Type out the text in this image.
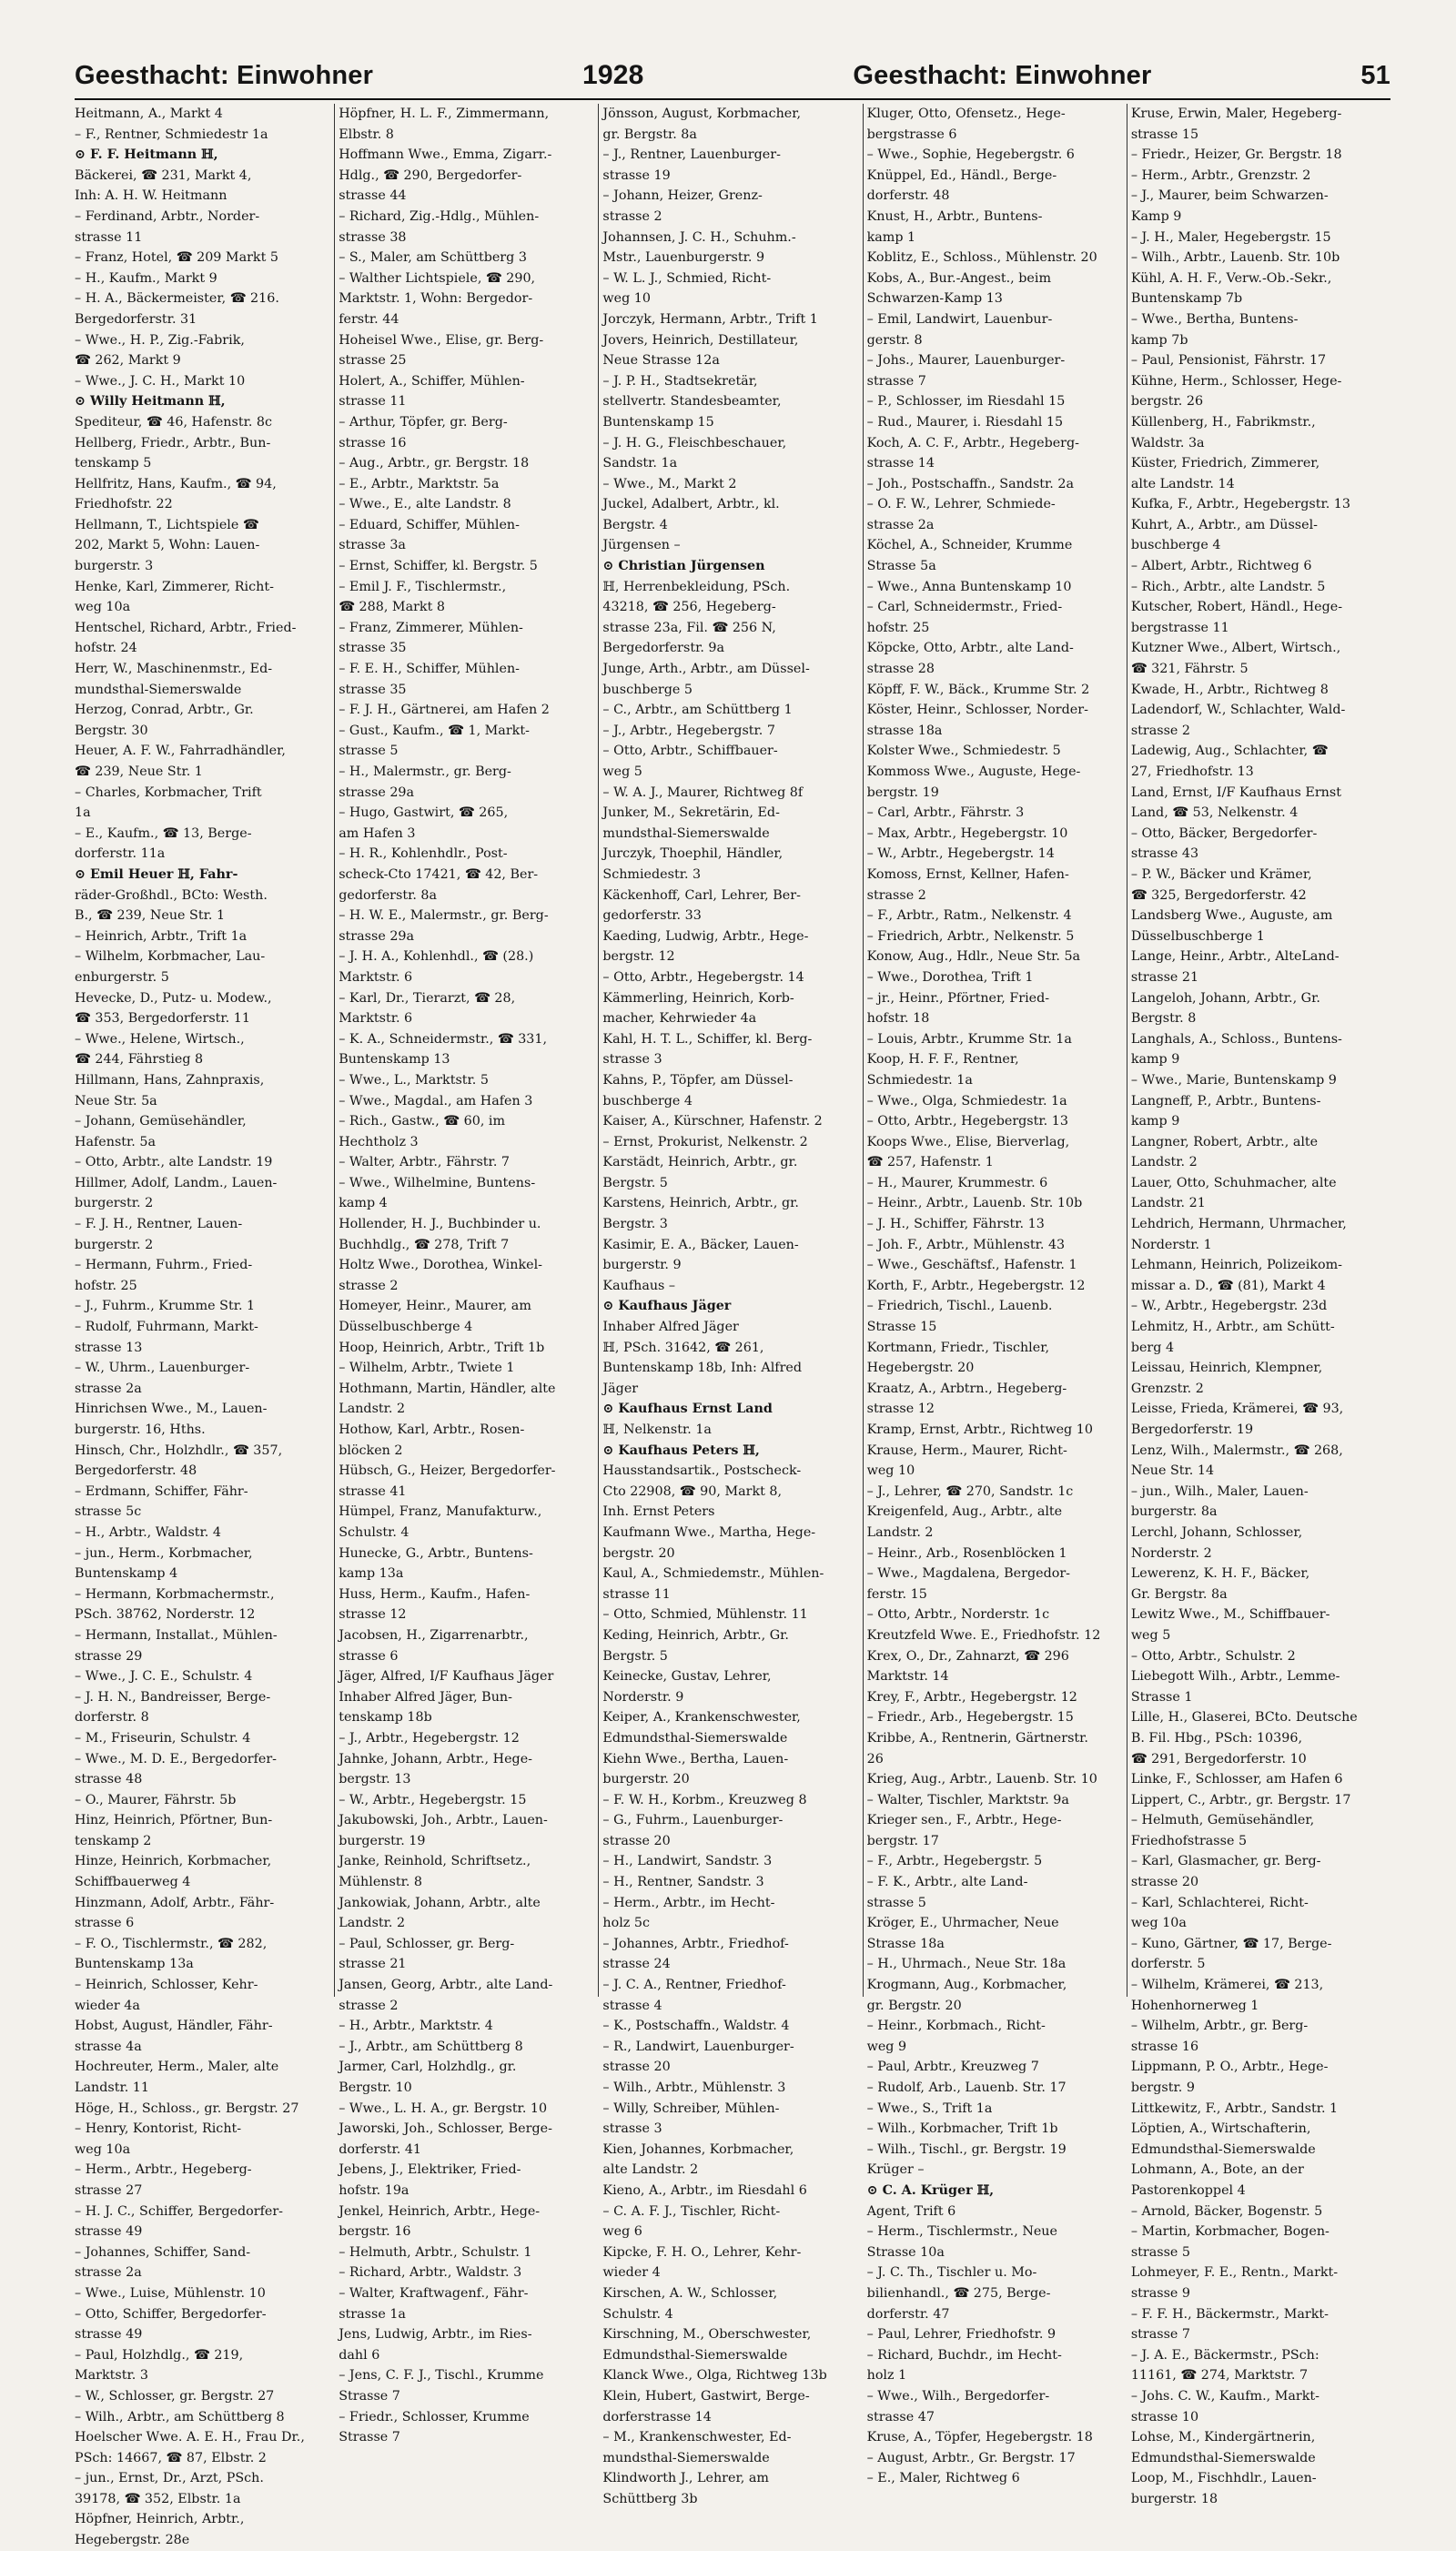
Geesthacht: Einwohner	1928	Geesthacht: Einwohner	51
Heitmann, A., Markt 4
– F., Rentner, Schmiedestr 1a
⊙ F. F. Heitmann ℍ,
Bäckerei, ☎ 231, Markt 4,
Inh: A. H. W. Heitmann
– Ferdinand, Arbtr., Norder-
strasse 11
– Franz, Hotel, ☎ 209 Markt 5
– H., Kaufm., Markt 9
– H. A., Bäckermeister, ☎ 216.
Bergedorferstr. 31
– Wwe., H. P., Zig.-Fabrik,
☎ 262, Markt 9
– Wwe., J. C. H., Markt 10
⊙ Willy Heitmann ℍ,
Spediteur, ☎ 46, Hafenstr. 8c
Hellberg, Friedr., Arbtr., Bun-
tenskamp 5
Hellfritz, Hans, Kaufm., ☎ 94,
Friedhofstr. 22
Hellmann, T., Lichtspiele ☎
202, Markt 5, Wohn: Lauen-
burgerstr. 3
Henke, Karl, Zimmerer, Richt-
weg 10a
Hentschel, Richard, Arbtr., Fried-
hofstr. 24
Herr, W., Maschinenmstr., Ed-
mundsthal-Siemerswalde
Herzog, Conrad, Arbtr., Gr.
Bergstr. 30
Heuer, A. F. W., Fahrradhändler,
☎ 239, Neue Str. 1
– Charles, Korbmacher, Trift
1a
– E., Kaufm., ☎ 13, Berge-
dorferstr. 11a
⊙ Emil Heuer ℍ, Fahr-
räder-Großhdl., BCto: Westh.
B., ☎ 239, Neue Str. 1
– Heinrich, Arbtr., Trift 1a
– Wilhelm, Korbmacher, Lau-
enburgerstr. 5
Hevecke, D., Putz- u. Modew.,
☎ 353, Bergedorferstr. 11
– Wwe., Helene, Wirtsch.,
☎ 244, Fährstieg 8
Hillmann, Hans, Zahnpraxis,
Neue Str. 5a
– Johann, Gemüsehändler,
Hafenstr. 5a
– Otto, Arbtr., alte Landstr. 19
Hillmer, Adolf, Landm., Lauen-
burgerstr. 2
– F. J. H., Rentner, Lauen-
burgerstr. 2
– Hermann, Fuhrm., Fried-
hofstr. 25
– J., Fuhrm., Krumme Str. 1
– Rudolf, Fuhrmann, Markt-
strasse 13
– W., Uhrm., Lauenburger-
strasse 2a
Hinrichsen Wwe., M., Lauen-
burgerstr. 16, Hths.
Hinsch, Chr., Holzhdlr., ☎ 357,
Bergedorferstr. 48
– Erdmann, Schiffer, Fähr-
strasse 5c
– H., Arbtr., Waldstr. 4
– jun., Herm., Korbmacher,
Buntenskamp 4
– Hermann, Korbmachermstr.,
PSch. 38762, Norderstr. 12
– Hermann, Installat., Mühlen-
strasse 29
– Wwe., J. C. E., Schulstr. 4
– J. H. N., Bandreisser, Berge-
dorferstr. 8
– M., Friseurin, Schulstr. 4
– Wwe., M. D. E., Bergedorfer-
strasse 48
– O., Maurer, Fährstr. 5b
Hinz, Heinrich, Pförtner, Bun-
tenskamp 2
Hinze, Heinrich, Korbmacher,
Schiffbauerweg 4
Hinzmann, Adolf, Arbtr., Fähr-
strasse 6
– F. O., Tischlermstr., ☎ 282,
Buntenskamp 13a
– Heinrich, Schlosser, Kehr-
wieder 4a
Hobst, August, Händler, Fähr-
strasse 4a
Hochreuter, Herm., Maler, alte
Landstr. 11
Höge, H., Schloss., gr. Bergstr. 27
– Henry, Kontorist, Richt-
weg 10a
– Herm., Arbtr., Hegeberg-
strasse 27
– H. J. C., Schiffer, Bergedorfer-
strasse 49
– Johannes, Schiffer, Sand-
strasse 2a
– Wwe., Luise, Mühlenstr. 10
– Otto, Schiffer, Bergedorfer-
strasse 49
– Paul, Holzhdlg., ☎ 219,
Marktstr. 3
– W., Schlosser, gr. Bergstr. 27
– Wilh., Arbtr., am Schüttberg 8
Hoelscher Wwe. A. E. H., Frau Dr.,
PSch: 14667, ☎ 87, Elbstr. 2
– jun., Ernst, Dr., Arzt, PSch.
39178, ☎ 352, Elbstr. 1a
Höpfner, Heinrich, Arbtr.,
Hegebergstr. 28e
Höpfner, H. L. F., Zimmermann,
Elbstr. 8
Hoffmann Wwe., Emma, Zigarr.-
Hdlg., ☎ 290, Bergedorfer-
strasse 44
– Richard, Zig.-Hdlg., Mühlen-
strasse 38
– S., Maler, am Schüttberg 3
– Walther Lichtspiele, ☎ 290,
Marktstr. 1, Wohn: Bergedor-
ferstr. 44
Hoheisel Wwe., Elise, gr. Berg-
strasse 25
Holert, A., Schiffer, Mühlen-
strasse 11
– Arthur, Töpfer, gr. Berg-
strasse 16
– Aug., Arbtr., gr. Bergstr. 18
– E., Arbtr., Marktstr. 5a
– Wwe., E., alte Landstr. 8
– Eduard, Schiffer, Mühlen-
strasse 3a
– Ernst, Schiffer, kl. Bergstr. 5
– Emil J. F., Tischlermstr.,
☎ 288, Markt 8
– Franz, Zimmerer, Mühlen-
strasse 35
– F. E. H., Schiffer, Mühlen-
strasse 35
– F. J. H., Gärtnerei, am Hafen 2
– Gust., Kaufm., ☎ 1, Markt-
strasse 5
– H., Malermstr., gr. Berg-
strasse 29a
– Hugo, Gastwirt, ☎ 265,
am Hafen 3
– H. R., Kohlenhdlr., Post-
scheck-Cto 17421, ☎ 42, Ber-
gedorferstr. 8a
– H. W. E., Malermstr., gr. Berg-
strasse 29a
– J. H. A., Kohlenhdl., ☎ (28.)
Marktstr. 6
– Karl, Dr., Tierarzt, ☎ 28,
Marktstr. 6
– K. A., Schneidermstr., ☎ 331,
Buntenskamp 13
– Wwe., L., Marktstr. 5
– Wwe., Magdal., am Hafen 3
– Rich., Gastw., ☎ 60, im
Hechtholz 3
– Walter, Arbtr., Fährstr. 7
– Wwe., Wilhelmine, Buntens-
kamp 4
Hollender, H. J., Buchbinder u.
Buchhdlg., ☎ 278, Trift 7
Holtz Wwe., Dorothea, Winkel-
strasse 2
Homeyer, Heinr., Maurer, am
Düsselbuschberge 4
Hoop, Heinrich, Arbtr., Trift 1b
– Wilhelm, Arbtr., Twiete 1
Hothmann, Martin, Händler, alte
Landstr. 2
Hothow, Karl, Arbtr., Rosen-
blöcken 2
Hübsch, G., Heizer, Bergedorfer-
strasse 41
Hümpel, Franz, Manufakturw.,
Schulstr. 4
Hunecke, G., Arbtr., Buntens-
kamp 13a
Huss, Herm., Kaufm., Hafen-
strasse 12
Jacobsen, H., Zigarrenarbtr.,
strasse 6
Jäger, Alfred, I/F Kaufhaus Jäger
Inhaber Alfred Jäger, Bun-
tenskamp 18b
– J., Arbtr., Hegebergstr. 12
Jahnke, Johann, Arbtr., Hege-
bergstr. 13
– W., Arbtr., Hegebergstr. 15
Jakubowski, Joh., Arbtr., Lauen-
burgerstr. 19
Janke, Reinhold, Schriftsetz.,
Mühlenstr. 8
Jankowiak, Johann, Arbtr., alte
Landstr. 2
– Paul, Schlosser, gr. Berg-
strasse 21
Jansen, Georg, Arbtr., alte Land-
strasse 2
– H., Arbtr., Marktstr. 4
– J., Arbtr., am Schüttberg 8
Jarmer, Carl, Holzhdlg., gr.
Bergstr. 10
– Wwe., L. H. A., gr. Bergstr. 10
Jaworski, Joh., Schlosser, Berge-
dorferstr. 41
Jebens, J., Elektriker, Fried-
hofstr. 19a
Jenkel, Heinrich, Arbtr., Hege-
bergstr. 16
– Helmuth, Arbtr., Schulstr. 1
– Richard, Arbtr., Waldstr. 3
– Walter, Kraftwagenf., Fähr-
strasse 1a
Jens, Ludwig, Arbtr., im Ries-
dahl 6
– Jens, C. F. J., Tischl., Krumme
Strasse 7
– Friedr., Schlosser, Krumme
Strasse 7
Jönsson, August, Korbmacher,
gr. Bergstr. 8a
– J., Rentner, Lauenburger-
strasse 19
– Johann, Heizer, Grenz-
strasse 2
Johannsen, J. C. H., Schuhm.-
Mstr., Lauenburgerstr. 9
– W. L. J., Schmied, Richt-
weg 10
Jorczyk, Hermann, Arbtr., Trift 1
Jovers, Heinrich, Destillateur,
Neue Strasse 12a
– J. P. H., Stadtsekretär,
stellvertr. Standesbeamter,
Buntenskamp 15
– J. H. G., Fleischbeschauer,
Sandstr. 1a
– Wwe., M., Markt 2
Juckel, Adalbert, Arbtr., kl.
Bergstr. 4
Jürgensen –
⊙ Christian Jürgensen
ℍ, Herrenbekleidung, PSch.
43218, ☎ 256, Hegeberg-
strasse 23a, Fil. ☎ 256 N,
Bergedorferstr. 9a
Junge, Arth., Arbtr., am Düssel-
buschberge 5
– C., Arbtr., am Schüttberg 1
– J., Arbtr., Hegebergstr. 7
– Otto, Arbtr., Schiffbauer-
weg 5
– W. A. J., Maurer, Richtweg 8f
Junker, M., Sekretärin, Ed-
mundsthal-Siemerswalde
Jurczyk, Thoephil, Händler,
Schmiedestr. 3
Käckenhoff, Carl, Lehrer, Ber-
gedorferstr. 33
Kaeding, Ludwig, Arbtr., Hege-
bergstr. 12
– Otto, Arbtr., Hegebergstr. 14
Kämmerling, Heinrich, Korb-
macher, Kehrwieder 4a
Kahl, H. T. L., Schiffer, kl. Berg-
strasse 3
Kahns, P., Töpfer, am Düssel-
buschberge 4
Kaiser, A., Kürschner, Hafenstr. 2
– Ernst, Prokurist, Nelkenstr. 2
Karstädt, Heinrich, Arbtr., gr.
Bergstr. 5
Karstens, Heinrich, Arbtr., gr.
Bergstr. 3
Kasimir, E. A., Bäcker, Lauen-
burgerstr. 9
Kaufhaus –
⊙ Kaufhaus Jäger
Inhaber Alfred Jäger
ℍ, PSch. 31642, ☎ 261,
Buntenskamp 18b, Inh: Alfred
Jäger
⊙ Kaufhaus Ernst Land
ℍ, Nelkenstr. 1a
⊙ Kaufhaus Peters ℍ,
Hausstandsartik., Postscheck-
Cto 22908, ☎ 90, Markt 8,
Inh. Ernst Peters
Kaufmann Wwe., Martha, Hege-
bergstr. 20
Kaul, A., Schmiedemstr., Mühlen-
strasse 11
– Otto, Schmied, Mühlenstr. 11
Keding, Heinrich, Arbtr., Gr.
Bergstr. 5
Keinecke, Gustav, Lehrer,
Norderstr. 9
Keiper, A., Krankenschwester,
Edmundsthal-Siemerswalde
Kiehn Wwe., Bertha, Lauen-
burgerstr. 20
– F. W. H., Korbm., Kreuzweg 8
– G., Fuhrm., Lauenburger-
strasse 20
– H., Landwirt, Sandstr. 3
– H., Rentner, Sandstr. 3
– Herm., Arbtr., im Hecht-
holz 5c
– Johannes, Arbtr., Friedhof-
strasse 24
– J. C. A., Rentner, Friedhof-
strasse 4
– K., Postschaffn., Waldstr. 4
– R., Landwirt, Lauenburger-
strasse 20
– Wilh., Arbtr., Mühlenstr. 3
– Willy, Schreiber, Mühlen-
strasse 3
Kien, Johannes, Korbmacher,
alte Landstr. 2
Kieno, A., Arbtr., im Riesdahl 6
– C. A. F. J., Tischler, Richt-
weg 6
Kipcke, F. H. O., Lehrer, Kehr-
wieder 4
Kirschen, A. W., Schlosser,
Schulstr. 4
Kirschning, M., Oberschwester,
Edmundsthal-Siemerswalde
Klanck Wwe., Olga, Richtweg 13b
Klein, Hubert, Gastwirt, Berge-
dorferstrasse 14
– M., Krankenschwester, Ed-
mundsthal-Siemerswalde
Klindworth J., Lehrer, am
Schüttberg 3b
Kluger, Otto, Ofensetz., Hege-
bergstrasse 6
– Wwe., Sophie, Hegebergstr. 6
Knüppel, Ed., Händl., Berge-
dorferstr. 48
Knust, H., Arbtr., Buntens-
kamp 1
Koblitz, E., Schloss., Mühlenstr. 20
Kobs, A., Bur.-Angest., beim
Schwarzen-Kamp 13
– Emil, Landwirt, Lauenbur-
gerstr. 8
– Johs., Maurer, Lauenburger-
strasse 7
– P., Schlosser, im Riesdahl 15
– Rud., Maurer, i. Riesdahl 15
Koch, A. C. F., Arbtr., Hegeberg-
strasse 14
– Joh., Postschaffn., Sandstr. 2a
– O. F. W., Lehrer, Schmiede-
strasse 2a
Köchel, A., Schneider, Krumme
Strasse 5a
– Wwe., Anna Buntenskamp 10
– Carl, Schneidermstr., Fried-
hofstr. 25
Köpcke, Otto, Arbtr., alte Land-
strasse 28
Köpff, F. W., Bäck., Krumme Str. 2
Köster, Heinr., Schlosser, Norder-
strasse 18a
Kolster Wwe., Schmiedestr. 5
Kommoss Wwe., Auguste, Hege-
bergstr. 19
– Carl, Arbtr., Fährstr. 3
– Max, Arbtr., Hegebergstr. 10
– W., Arbtr., Hegebergstr. 14
Komoss, Ernst, Kellner, Hafen-
strasse 2
– F., Arbtr., Ratm., Nelkenstr. 4
– Friedrich, Arbtr., Nelkenstr. 5
Konow, Aug., Hdlr., Neue Str. 5a
– Wwe., Dorothea, Trift 1
– jr., Heinr., Pförtner, Fried-
hofstr. 18
– Louis, Arbtr., Krumme Str. 1a
Koop, H. F. F., Rentner,
Schmiedestr. 1a
– Wwe., Olga, Schmiedestr. 1a
– Otto, Arbtr., Hegebergstr. 13
Koops Wwe., Elise, Bierverlag,
☎ 257, Hafenstr. 1
– H., Maurer, Krummestr. 6
– Heinr., Arbtr., Lauenb. Str. 10b
– J. H., Schiffer, Fährstr. 13
– Joh. F., Arbtr., Mühlenstr. 43
– Wwe., Geschäftsf., Hafenstr. 1
Korth, F., Arbtr., Hegebergstr. 12
– Friedrich, Tischl., Lauenb.
Strasse 15
Kortmann, Friedr., Tischler,
Hegebergstr. 20
Kraatz, A., Arbtrn., Hegeberg-
strasse 12
Kramp, Ernst, Arbtr., Richtweg 10
Krause, Herm., Maurer, Richt-
weg 10
– J., Lehrer, ☎ 270, Sandstr. 1c
Kreigenfeld, Aug., Arbtr., alte
Landstr. 2
– Heinr., Arb., Rosenblöcken 1
– Wwe., Magdalena, Bergedor-
ferstr. 15
– Otto, Arbtr., Norderstr. 1c
Kreutzfeld Wwe. E., Friedhofstr. 12
Krex, O., Dr., Zahnarzt, ☎ 296
Marktstr. 14
Krey, F., Arbtr., Hegebergstr. 12
– Friedr., Arb., Hegebergstr. 15
Kribbe, A., Rentnerin, Gärtnerstr.
26
Krieg, Aug., Arbtr., Lauenb. Str. 10
– Walter, Tischler, Marktstr. 9a
Krieger sen., F., Arbtr., Hege-
bergstr. 17
– F., Arbtr., Hegebergstr. 5
– F. K., Arbtr., alte Land-
strasse 5
Kröger, E., Uhrmacher, Neue
Strasse 18a
– H., Uhrmach., Neue Str. 18a
Krogmann, Aug., Korbmacher,
gr. Bergstr. 20
– Heinr., Korbmach., Richt-
weg 9
– Paul, Arbtr., Kreuzweg 7
– Rudolf, Arb., Lauenb. Str. 17
– Wwe., S., Trift 1a
– Wilh., Korbmacher, Trift 1b
– Wilh., Tischl., gr. Bergstr. 19
Krüger –
⊙ C. A. Krüger ℍ,
Agent, Trift 6
– Herm., Tischlermstr., Neue
Strasse 10a
– J. C. Th., Tischler u. Mo-
bilienhandl., ☎ 275, Berge-
dorferstr. 47
– Paul, Lehrer, Friedhofstr. 9
– Richard, Buchdr., im Hecht-
holz 1
– Wwe., Wilh., Bergedorfer-
strasse 47
Kruse, A., Töpfer, Hegebergstr. 18
– August, Arbtr., Gr. Bergstr. 17
– E., Maler, Richtweg 6
Kruse, Erwin, Maler, Hegeberg-
strasse 15
– Friedr., Heizer, Gr. Bergstr. 18
– Herm., Arbtr., Grenzstr. 2
– J., Maurer, beim Schwarzen-
Kamp 9
– J. H., Maler, Hegebergstr. 15
– Wilh., Arbtr., Lauenb. Str. 10b
Kühl, A. H. F., Verw.-Ob.-Sekr.,
Buntenskamp 7b
– Wwe., Bertha, Buntens-
kamp 7b
– Paul, Pensionist, Fährstr. 17
Kühne, Herm., Schlosser, Hege-
bergstr. 26
Küllenberg, H., Fabrikmstr.,
Waldstr. 3a
Küster, Friedrich, Zimmerer,
alte Landstr. 14
Kufka, F., Arbtr., Hegebergstr. 13
Kuhrt, A., Arbtr., am Düssel-
buschberge 4
– Albert, Arbtr., Richtweg 6
– Rich., Arbtr., alte Landstr. 5
Kutscher, Robert, Händl., Hege-
bergstrasse 11
Kutzner Wwe., Albert, Wirtsch.,
☎ 321, Fährstr. 5
Kwade, H., Arbtr., Richtweg 8
Ladendorf, W., Schlachter, Wald-
strasse 2
Ladewig, Aug., Schlachter, ☎
27, Friedhofstr. 13
Land, Ernst, I/F Kaufhaus Ernst
Land, ☎ 53, Nelkenstr. 4
– Otto, Bäcker, Bergedorfer-
strasse 43
– P. W., Bäcker und Krämer,
☎ 325, Bergedorferstr. 42
Landsberg Wwe., Auguste, am
Düsselbuschberge 1
Lange, Heinr., Arbtr., AlteLand-
strasse 21
Langeloh, Johann, Arbtr., Gr.
Bergstr. 8
Langhals, A., Schloss., Buntens-
kamp 9
– Wwe., Marie, Buntenskamp 9
Langneff, P., Arbtr., Buntens-
kamp 9
Langner, Robert, Arbtr., alte
Landstr. 2
Lauer, Otto, Schuhmacher, alte
Landstr. 21
Lehdrich, Hermann, Uhrmacher,
Norderstr. 1
Lehmann, Heinrich, Polizeikom-
missar a. D., ☎ (81), Markt 4
– W., Arbtr., Hegebergstr. 23d
Lehmitz, H., Arbtr., am Schütt-
berg 4
Leissau, Heinrich, Klempner,
Grenzstr. 2
Leisse, Frieda, Krämerei, ☎ 93,
Bergedorferstr. 19
Lenz, Wilh., Malermstr., ☎ 268,
Neue Str. 14
– jun., Wilh., Maler, Lauen-
burgerstr. 8a
Lerchl, Johann, Schlosser,
Norderstr. 2
Lewerenz, K. H. F., Bäcker,
Gr. Bergstr. 8a
Lewitz Wwe., M., Schiffbauer-
weg 5
– Otto, Arbtr., Schulstr. 2
Liebegott Wilh., Arbtr., Lemme-
Strasse 1
Lille, H., Glaserei, BCto. Deutsche
B. Fil. Hbg., PSch: 10396,
☎ 291, Bergedorferstr. 10
Linke, F., Schlosser, am Hafen 6
Lippert, C., Arbtr., gr. Bergstr. 17
– Helmuth, Gemüsehändler,
Friedhofstrasse 5
– Karl, Glasmacher, gr. Berg-
strasse 20
– Karl, Schlachterei, Richt-
weg 10a
– Kuno, Gärtner, ☎ 17, Berge-
dorferstr. 5
– Wilhelm, Krämerei, ☎ 213,
Hohenhornerweg 1
– Wilhelm, Arbtr., gr. Berg-
strasse 16
Lippmann, P. O., Arbtr., Hege-
bergstr. 9
Littkewitz, F., Arbtr., Sandstr. 1
Löptien, A., Wirtschafterin,
Edmundsthal-Siemerswalde
Lohmann, A., Bote, an der
Pastorenkoppel 4
– Arnold, Bäcker, Bogenstr. 5
– Martin, Korbmacher, Bogen-
strasse 5
Lohmeyer, F. E., Rentn., Markt-
strasse 9
– F. F. H., Bäckermstr., Markt-
strasse 7
– J. A. E., Bäckermstr., PSch:
11161, ☎ 274, Marktstr. 7
– Johs. C. W., Kaufm., Markt-
strasse 10
Lohse, M., Kindergärtnerin,
Edmundsthal-Siemerswalde
Loop, M., Fischhdlr., Lauen-
burgerstr. 18
